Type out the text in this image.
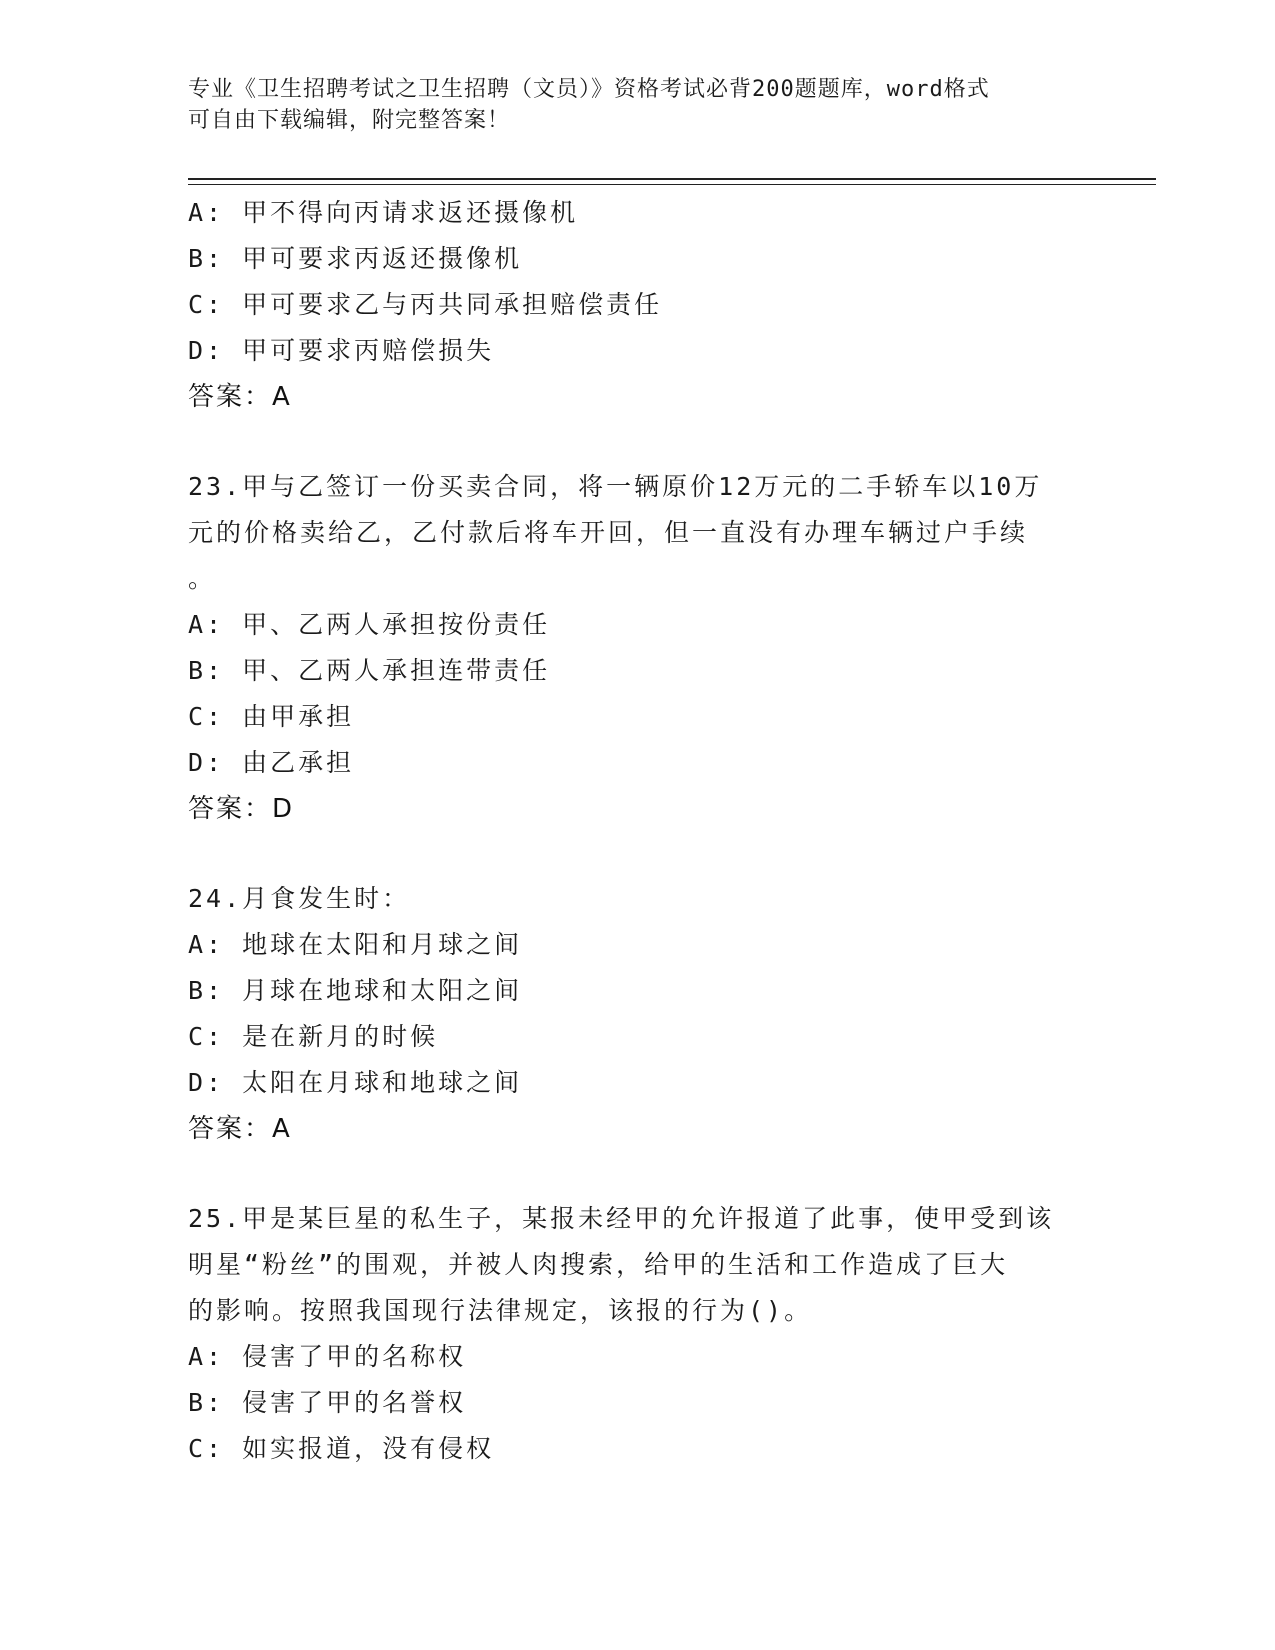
专业《卫生招聘考试之卫生招聘（文员）》资格考试必背200题题库，word格式
可自由下载编辑，附完整答案！
A: 甲不得向丙请求返还摄像机
B: 甲可要求丙返还摄像机
C: 甲可要求乙与丙共同承担赔偿责任
D: 甲可要求丙赔偿损失
答案：A
23.甲与乙签订一份买卖合同，将一辆原价12万元的二手轿车以10万
元的价格卖给乙，乙付款后将车开回，但一直没有办理车辆过户手续
。
A: 甲、乙两人承担按份责任
B: 甲、乙两人承担连带责任
C: 由甲承担
D: 由乙承担
答案：D
24.月食发生时：
A: 地球在太阳和月球之间
B: 月球在地球和太阳之间
C: 是在新月的时候
D: 太阳在月球和地球之间
答案：A
25.甲是某巨星的私生子，某报未经甲的允许报道了此事，使甲受到该
明星“粉丝”的围观，并被人肉搜索，给甲的生活和工作造成了巨大
的影响。按照我国现行法律规定，该报的行为()。
A: 侵害了甲的名称权
B: 侵害了甲的名誉权
C: 如实报道，没有侵权
